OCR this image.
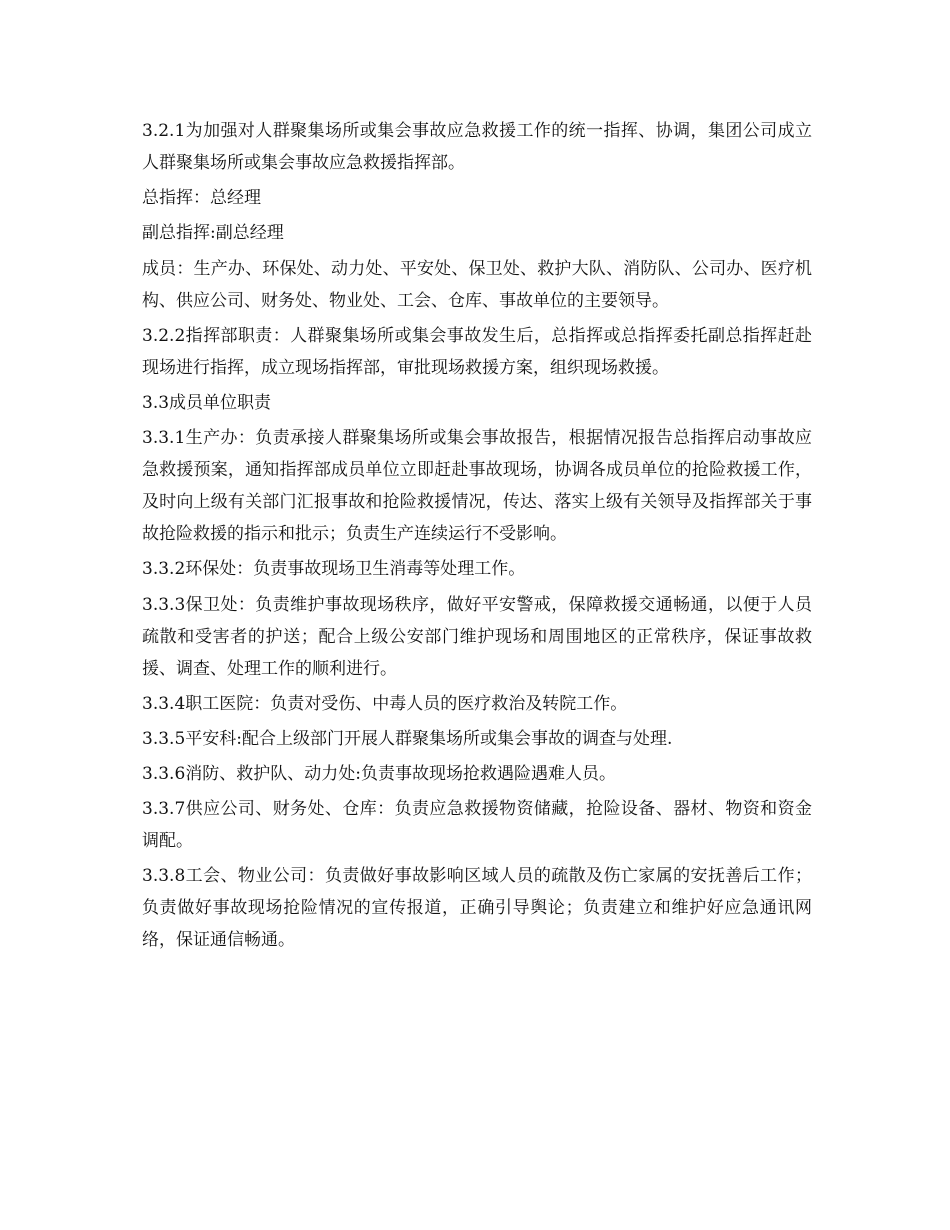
3.2.1为加强对人群聚集场所或集会事故应急救援工作的统一指挥、协调，集团公司成立人群聚集场所或集会事故应急救援指挥部。

总指挥：总经理

副总指挥:副总经理

成员：生产办、环保处、动力处、平安处、保卫处、救护大队、消防队、公司办、医疗机构、供应公司、财务处、物业处、工会、仓库、事故单位的主要领导。

3.2.2指挥部职责：人群聚集场所或集会事故发生后，总指挥或总指挥委托副总指挥赶赴现场进行指挥，成立现场指挥部，审批现场救援方案，组织现场救援。

3.3成员单位职责

3.3.1生产办：负责承接人群聚集场所或集会事故报告，根据情况报告总指挥启动事故应急救援预案，通知指挥部成员单位立即赶赴事故现场，协调各成员单位的抢险救援工作，及时向上级有关部门汇报事故和抢险救援情况，传达、落实上级有关领导及指挥部关于事故抢险救援的指示和批示；负责生产连续运行不受影响。

3.3.2环保处：负责事故现场卫生消毒等处理工作。

3.3.3保卫处：负责维护事故现场秩序，做好平安警戒，保障救援交通畅通，以便于人员疏散和受害者的护送；配合上级公安部门维护现场和周围地区的正常秩序，保证事故救援、调查、处理工作的顺利进行。

3.3.4职工医院：负责对受伤、中毒人员的医疗救治及转院工作。

3.3.5平安科:配合上级部门开展人群聚集场所或集会事故的调查与处理.

3.3.6消防、救护队、动力处:负责事故现场抢救遇险遇难人员。

3.3.7供应公司、财务处、仓库：负责应急救援物资储藏，抢险设备、器材、物资和资金调配。

3.3.8工会、物业公司：负责做好事故影响区域人员的疏散及伤亡家属的安抚善后工作；负责做好事故现场抢险情况的宣传报道，正确引导舆论；负责建立和维护好应急通讯网络，保证通信畅通。
